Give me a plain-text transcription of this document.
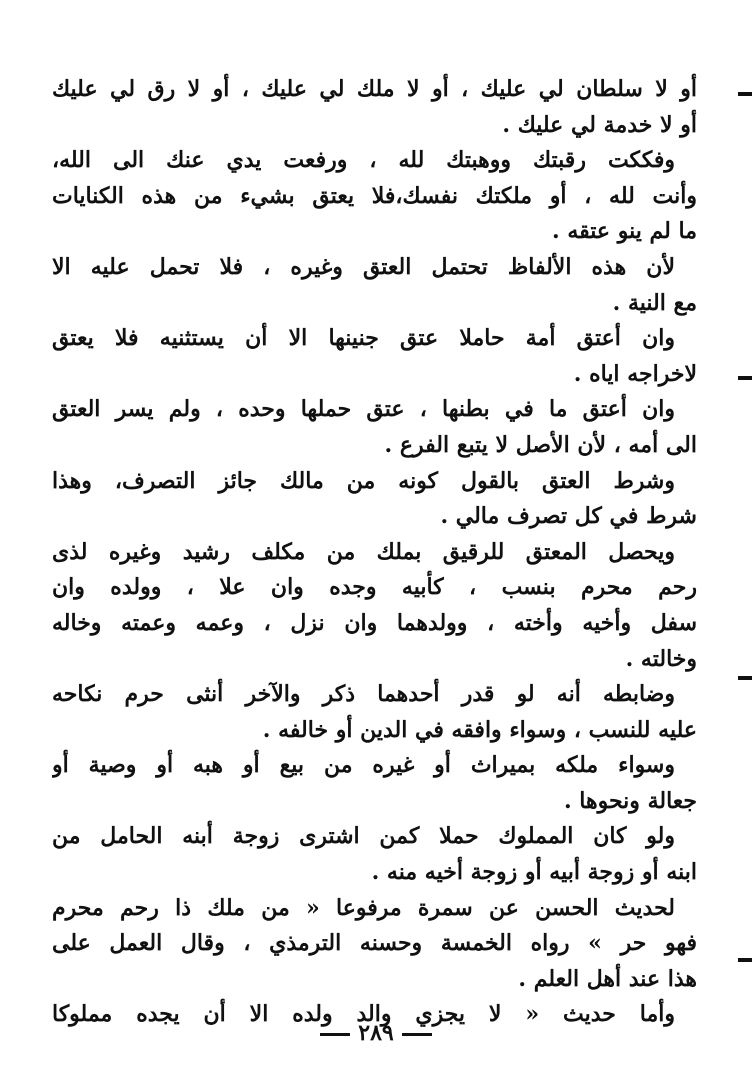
أو لا سلطان لي عليك ، أو لا ملك لي عليك ، أو لا رق لي عليك
أو لا خدمة لي عليك .
وفككت رقبتك ووهبتك لله ، ورفعت يدي عنك الى الله،
وأنت لله ، أو ملكتك نفسك،فلا يعتق بشيء من هذه الكنايات
ما لم ينو عتقه .
لأن هذه الألفاظ تحتمل العتق وغيره ، فلا تحمل عليه الا
مع النية .
وان أعتق أمة حاملا عتق جنينها الا أن يستثنيه فلا يعتق
لاخراجه اياه .
وان أعتق ما في بطنها ، عتق حملها وحده ، ولم يسر العتق
الى أمه ، لأن الأصل لا يتبع الفرع .
وشرط العتق بالقول كونه من مالك جائز التصرف، وهذا
شرط في كل تصرف مالي .
ويحصل المعتق للرقيق بملك من مكلف رشيد وغيره لذى
رحم محرم بنسب ، كأبيه وجده وان علا ، وولده وان
سفل وأخيه وأخته ، وولدهما وان نزل ، وعمه وعمته وخاله
وخالته .
وضابطه أنه لو قدر أحدهما ذكر والآخر أنثى حرم نكاحه
عليه للنسب ، وسواء وافقه في الدين أو خالفه .
وسواء ملكه بميراث أو غيره من بيع أو هبه أو وصية أو
جعالة ونحوها .
ولو كان المملوك حملا كمن اشترى زوجة أبنه الحامل من
ابنه أو زوجة أبيه أو زوجة أخيه منه .
لحديث الحسن عن سمرة مرفوعا « من ملك ذا رحم محرم
فهو حر » رواه الخمسة وحسنه الترمذي ، وقال العمل على
هذا عند أهل العلم .
وأما حديث « لا يجزي والد ولده الا أن يجده مملوكا
٢٨٩
